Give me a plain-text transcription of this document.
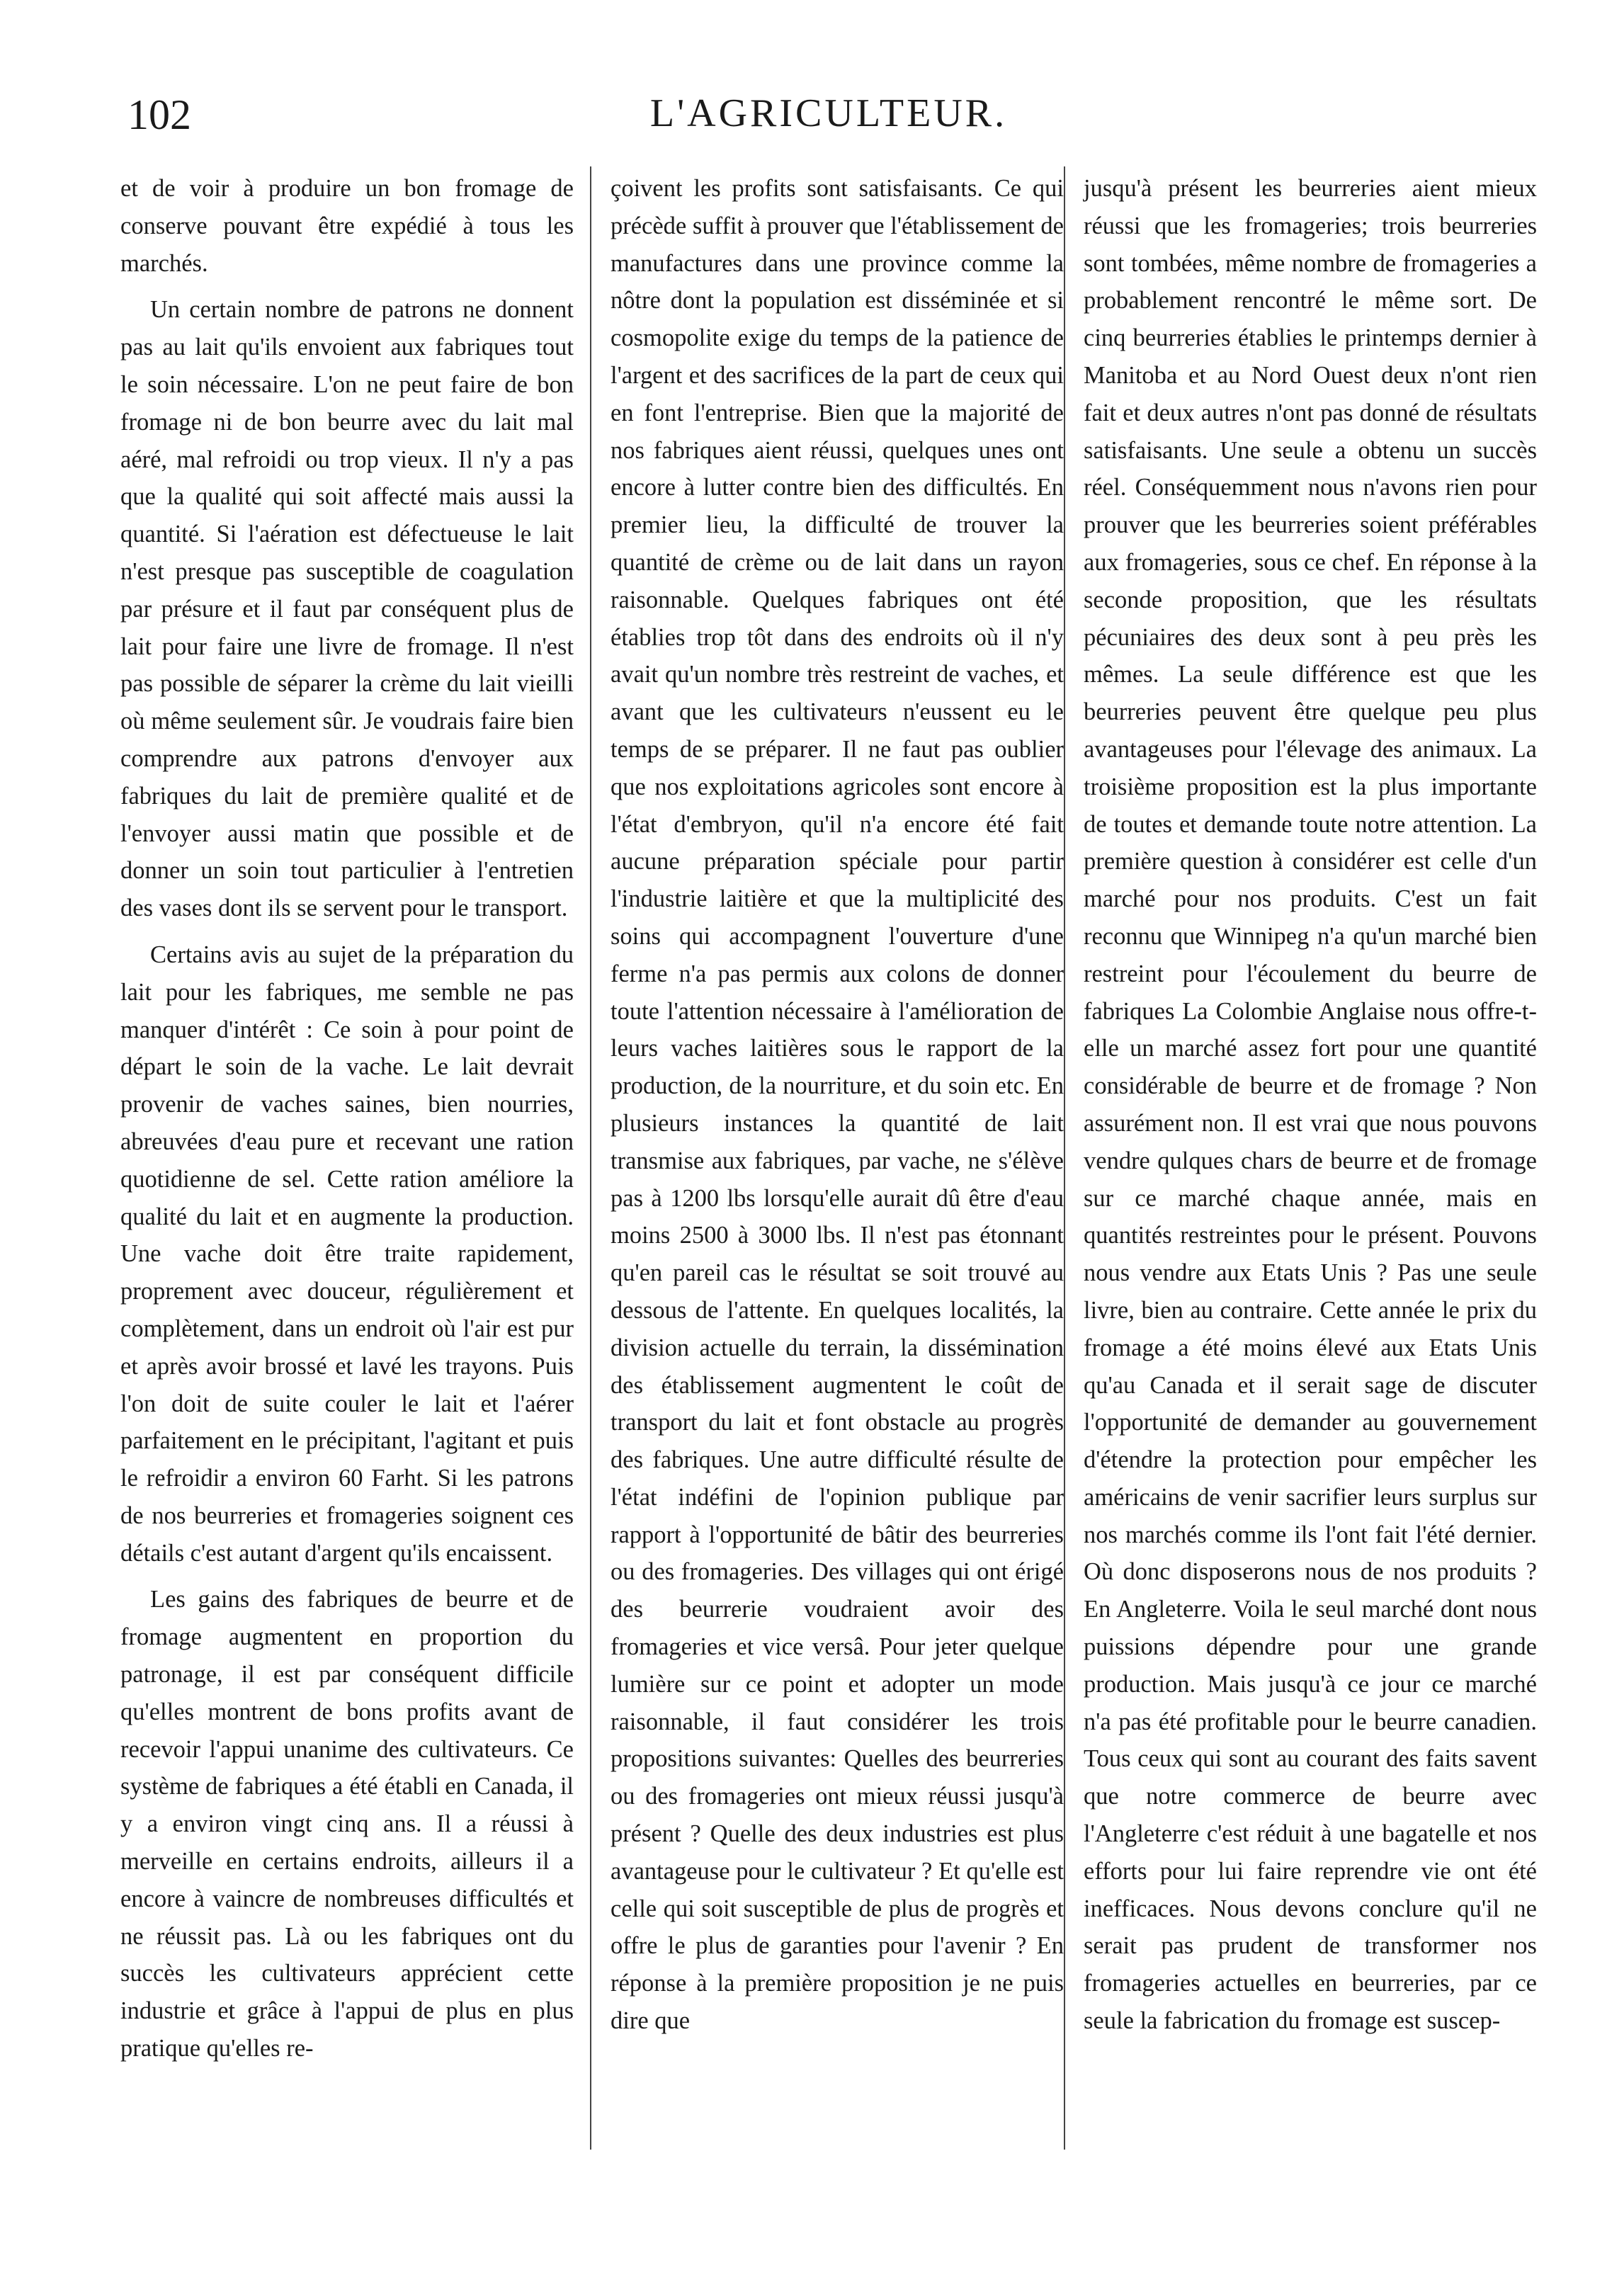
102	L'AGRICULTEUR.

et de voir à produire un bon fromage de conserve pouvant être expédié à tous les marchés.

Un certain nombre de patrons ne donnent pas au lait qu'ils envoient aux fabriques tout le soin nécessaire. L'on ne peut faire de bon fromage ni de bon beurre avec du lait mal aéré, mal refroidi ou trop vieux. Il n'y a pas que la qualité qui soit affecté mais aussi la quantité. Si l'aération est défectueuse le lait n'est presque pas susceptible de coagulation par présure et il faut par conséquent plus de lait pour faire une livre de fromage. Il n'est pas possible de séparer la crème du lait vieilli où même seulement sûr. Je voudrais faire bien comprendre aux patrons d'envoyer aux fabriques du lait de première qualité et de l'envoyer aussi matin que possible et de donner un soin tout particulier à l'entretien des vases dont ils se servent pour le transport.

Certains avis au sujet de la préparation du lait pour les fabriques, me semble ne pas manquer d'intérêt : Ce soin à pour point de départ le soin de la vache. Le lait devrait provenir de vaches saines, bien nourries, abreuvées d'eau pure et recevant une ration quotidienne de sel. Cette ration améliore la qualité du lait et en augmente la production. Une vache doit être traite rapidement, proprement avec douceur, régulièrement et complètement, dans un endroit où l'air est pur et après avoir brossé et lavé les trayons. Puis l'on doit de suite couler le lait et l'aérer parfaitement en le précipitant, l'agitant et puis le refroidir a environ 60 Farht. Si les patrons de nos beurreries et fromageries soignent ces détails c'est autant d'argent qu'ils encaissent.

Les gains des fabriques de beurre et de fromage augmentent en proportion du patronage, il est par conséquent difficile qu'elles montrent de bons profits avant de recevoir l'appui unanime des cultivateurs. Ce système de fabriques a été établi en Canada, il y a environ vingt cinq ans. Il a réussi à merveille en certains endroits, ailleurs il a encore à vaincre de nombreuses difficultés et ne réussit pas. Là ou les fabriques ont du succès les cultivateurs apprécient cette industrie et grâce à l'appui de plus en plus pratique qu'elles re-

çoivent les profits sont satisfaisants. Ce qui précède suffit à prouver que l'établissement de manufactures dans une province comme la nôtre dont la population est disséminée et si cosmopolite exige du temps de la patience de l'argent et des sacrifices de la part de ceux qui en font l'entreprise. Bien que la majorité de nos fabriques aient réussi, quelques unes ont encore à lutter contre bien des difficultés. En premier lieu, la difficulté de trouver la quantité de crème ou de lait dans un rayon raisonnable. Quelques fabriques ont été établies trop tôt dans des endroits où il n'y avait qu'un nombre très restreint de vaches, et avant que les cultivateurs n'eussent eu le temps de se préparer. Il ne faut pas oublier que nos exploitations agricoles sont encore à l'état d'embryon, qu'il n'a encore été fait aucune préparation spéciale pour partir l'industrie laitière et que la multiplicité des soins qui accompagnent l'ouverture d'une ferme n'a pas permis aux colons de donner toute l'attention nécessaire à l'amélioration de leurs vaches laitières sous le rapport de la production, de la nourriture, et du soin etc. En plusieurs instances la quantité de lait transmise aux fabriques, par vache, ne s'élève pas à 1200 lbs lorsqu'elle aurait dû être d'eau moins 2500 à 3000 lbs. Il n'est pas étonnant qu'en pareil cas le résultat se soit trouvé au dessous de l'attente. En quelques localités, la division actuelle du terrain, la dissémination des établissement augmentent le coût de transport du lait et font obstacle au progrès des fabriques. Une autre difficulté résulte de l'état indéfini de l'opinion publique par rapport à l'opportunité de bâtir des beurreries ou des fromageries. Des villages qui ont érigé des beurrerie voudraient avoir des fromageries et vice versâ. Pour jeter quelque lumière sur ce point et adopter un mode raisonnable, il faut considérer les trois propositions suivantes: Quelles des beurreries ou des fromageries ont mieux réussi jusqu'à présent ? Quelle des deux industries est plus avantageuse pour le cultivateur ? Et qu'elle est celle qui soit susceptible de plus de progrès et offre le plus de garanties pour l'avenir ? En réponse à la première proposition je ne puis dire que

jusqu'à présent les beurreries aient mieux réussi que les fromageries; trois beurreries sont tombées, même nombre de fromageries a probablement rencontré le même sort. De cinq beurreries établies le printemps dernier à Manitoba et au Nord Ouest deux n'ont rien fait et deux autres n'ont pas donné de résultats satisfaisants. Une seule a obtenu un succès réel. Conséquemment nous n'avons rien pour prouver que les beurreries soient préférables aux fromageries, sous ce chef. En réponse à la seconde proposition, que les résultats pécuniaires des deux sont à peu près les mêmes. La seule différence est que les beurreries peuvent être quelque peu plus avantageuses pour l'élevage des animaux. La troisième proposition est la plus importante de toutes et demande toute notre attention. La première question à considérer est celle d'un marché pour nos produits. C'est un fait reconnu que Winnipeg n'a qu'un marché bien restreint pour l'écoulement du beurre de fabriques La Colombie Anglaise nous offre-t-elle un marché assez fort pour une quantité considérable de beurre et de fromage ? Non assurément non. Il est vrai que nous pouvons vendre qulques chars de beurre et de fromage sur ce marché chaque année, mais en quantités restreintes pour le présent. Pouvons nous vendre aux Etats Unis ? Pas une seule livre, bien au contraire. Cette année le prix du fromage a été moins élevé aux Etats Unis qu'au Canada et il serait sage de discuter l'opportunité de demander au gouvernement d'étendre la protection pour empêcher les américains de venir sacrifier leurs surplus sur nos marchés comme ils l'ont fait l'été dernier. Où donc disposerons nous de nos produits ? En Angleterre. Voila le seul marché dont nous puissions dépendre pour une grande production. Mais jusqu'à ce jour ce marché n'a pas été profitable pour le beurre canadien. Tous ceux qui sont au courant des faits savent que notre commerce de beurre avec l'Angleterre c'est réduit à une bagatelle et nos efforts pour lui faire reprendre vie ont été inefficaces. Nous devons conclure qu'il ne serait pas prudent de transformer nos fromageries actuelles en beurreries, par ce seule la fabrication du fromage est suscep-
